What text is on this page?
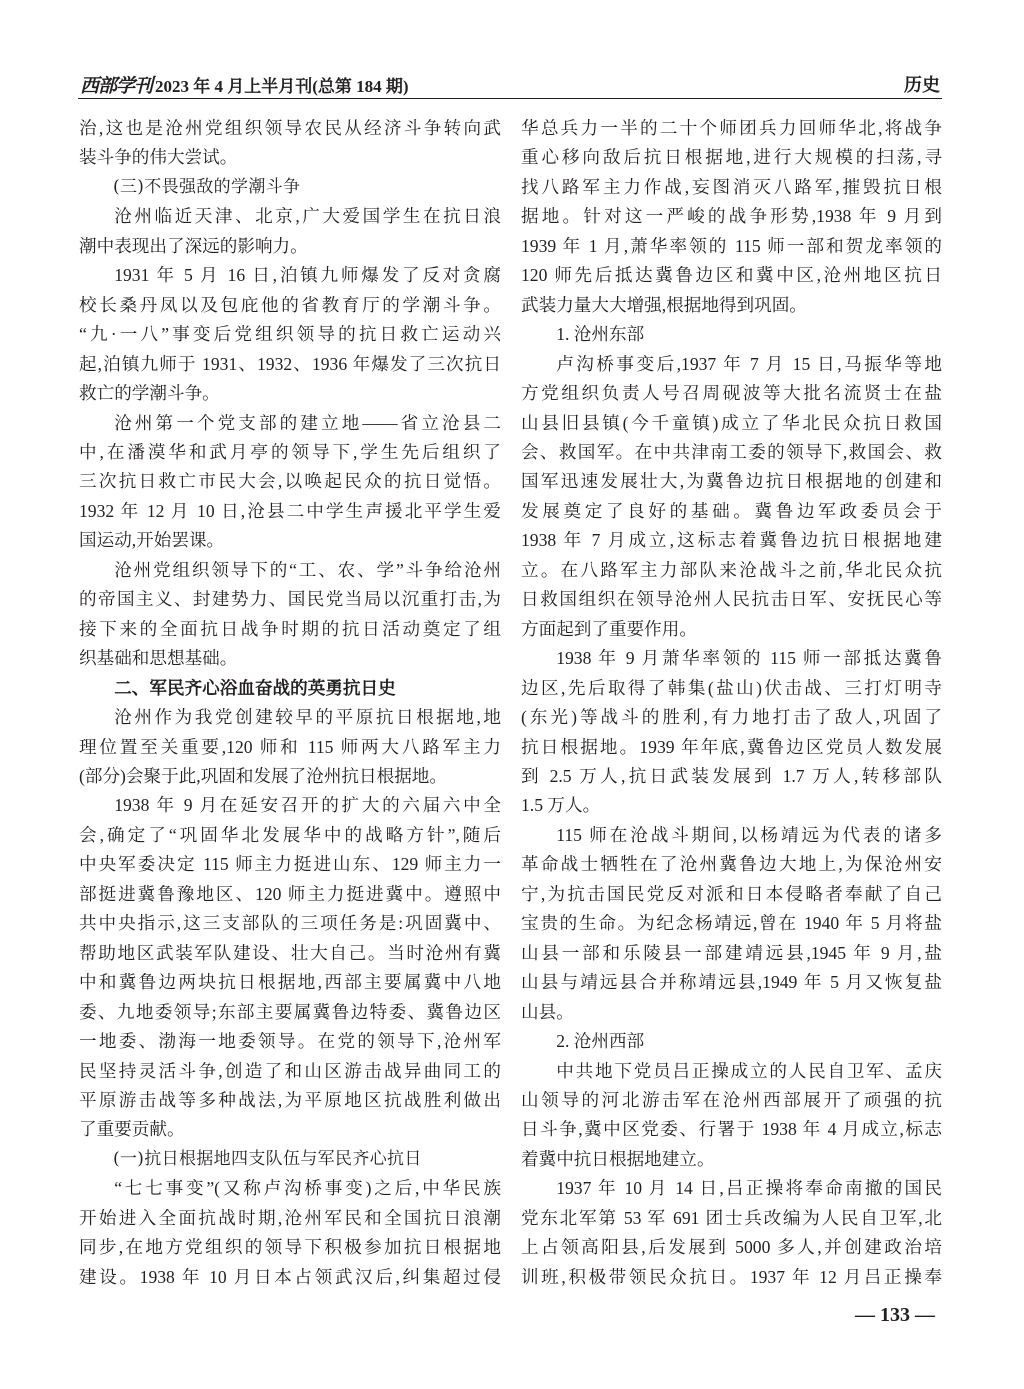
西部学刊 2023 年 4 月上半月刊(总第 184 期)	历史
治,这也是沧州党组织领导农民从经济斗争转向武
装斗争的伟大尝试。
(三)不畏强敌的学潮斗争
沧州临近天津、北京,广大爱国学生在抗日浪
潮中表现出了深远的影响力。
1931 年 5 月 16 日,泊镇九师爆发了反对贪腐
校长桑丹凤以及包庇他的省教育厅的学潮斗争。
“九·一八”事变后党组织领导的抗日救亡运动兴
起,泊镇九师于 1931、1932、1936 年爆发了三次抗日
救亡的学潮斗争。
沧州第一个党支部的建立地——省立沧县二
中,在潘漠华和武月亭的领导下,学生先后组织了
三次抗日救亡市民大会,以唤起民众的抗日觉悟。
1932 年 12 月 10 日,沧县二中学生声援北平学生爱
国运动,开始罢课。
沧州党组织领导下的“工、农、学”斗争给沧州
的帝国主义、封建势力、国民党当局以沉重打击,为
接下来的全面抗日战争时期的抗日活动奠定了组
织基础和思想基础。
二、军民齐心浴血奋战的英勇抗日史
沧州作为我党创建较早的平原抗日根据地,地
理位置至关重要,120 师和 115 师两大八路军主力
(部分)会聚于此,巩固和发展了沧州抗日根据地。
1938 年 9 月在延安召开的扩大的六届六中全
会,确定了“巩固华北发展华中的战略方针”,随后
中央军委决定 115 师主力挺进山东、129 师主力一
部挺进冀鲁豫地区、120 师主力挺进冀中。遵照中
共中央指示,这三支部队的三项任务是:巩固冀中、
帮助地区武装军队建设、壮大自己。当时沧州有冀
中和冀鲁边两块抗日根据地,西部主要属冀中八地
委、九地委领导;东部主要属冀鲁边特委、冀鲁边区
一地委、渤海一地委领导。在党的领导下,沧州军
民坚持灵活斗争,创造了和山区游击战异曲同工的
平原游击战等多种战法,为平原地区抗战胜利做出
了重要贡献。
(一)抗日根据地四支队伍与军民齐心抗日
“七七事变”(又称卢沟桥事变)之后,中华民族
开始进入全面抗战时期,沧州军民和全国抗日浪潮
同步,在地方党组织的领导下积极参加抗日根据地
建设。1938 年 10 月日本占领武汉后,纠集超过侵
华总兵力一半的二十个师团兵力回师华北,将战争
重心移向敌后抗日根据地,进行大规模的扫荡,寻
找八路军主力作战,妄图消灭八路军,摧毁抗日根
据地。针对这一严峻的战争形势,1938 年 9 月到
1939 年 1 月,萧华率领的 115 师一部和贺龙率领的
120 师先后抵达冀鲁边区和冀中区,沧州地区抗日
武装力量大大增强,根据地得到巩固。
1. 沧州东部
卢沟桥事变后,1937 年 7 月 15 日,马振华等地
方党组织负责人号召周砚波等大批名流贤士在盐
山县旧县镇(今千童镇)成立了华北民众抗日救国
会、救国军。在中共津南工委的领导下,救国会、救
国军迅速发展壮大,为冀鲁边抗日根据地的创建和
发展奠定了良好的基础。冀鲁边军政委员会于
1938 年 7 月成立,这标志着冀鲁边抗日根据地建
立。在八路军主力部队来沧战斗之前,华北民众抗
日救国组织在领导沧州人民抗击日军、安抚民心等
方面起到了重要作用。
1938 年 9 月萧华率领的 115 师一部抵达冀鲁
边区,先后取得了韩集(盐山)伏击战、三打灯明寺
(东光)等战斗的胜利,有力地打击了敌人,巩固了
抗日根据地。1939 年年底,冀鲁边区党员人数发展
到 2.5 万人,抗日武装发展到 1.7 万人,转移部队
1.5 万人。
115 师在沧战斗期间,以杨靖远为代表的诸多
革命战士牺牲在了沧州冀鲁边大地上,为保沧州安
宁,为抗击国民党反对派和日本侵略者奉献了自己
宝贵的生命。为纪念杨靖远,曾在 1940 年 5 月将盐
山县一部和乐陵县一部建靖远县,1945 年 9 月,盐
山县与靖远县合并称靖远县,1949 年 5 月又恢复盐
山县。
2. 沧州西部
中共地下党员吕正操成立的人民自卫军、孟庆
山领导的河北游击军在沧州西部展开了顽强的抗
日斗争,冀中区党委、行署于 1938 年 4 月成立,标志
着冀中抗日根据地建立。
1937 年 10 月 14 日,吕正操将奉命南撤的国民
党东北军第 53 军 691 团士兵改编为人民自卫军,北
上占领高阳县,后发展到 5000 多人,并创建政治培
训班,积极带领民众抗日。1937 年 12 月吕正操奉
— 133 —
